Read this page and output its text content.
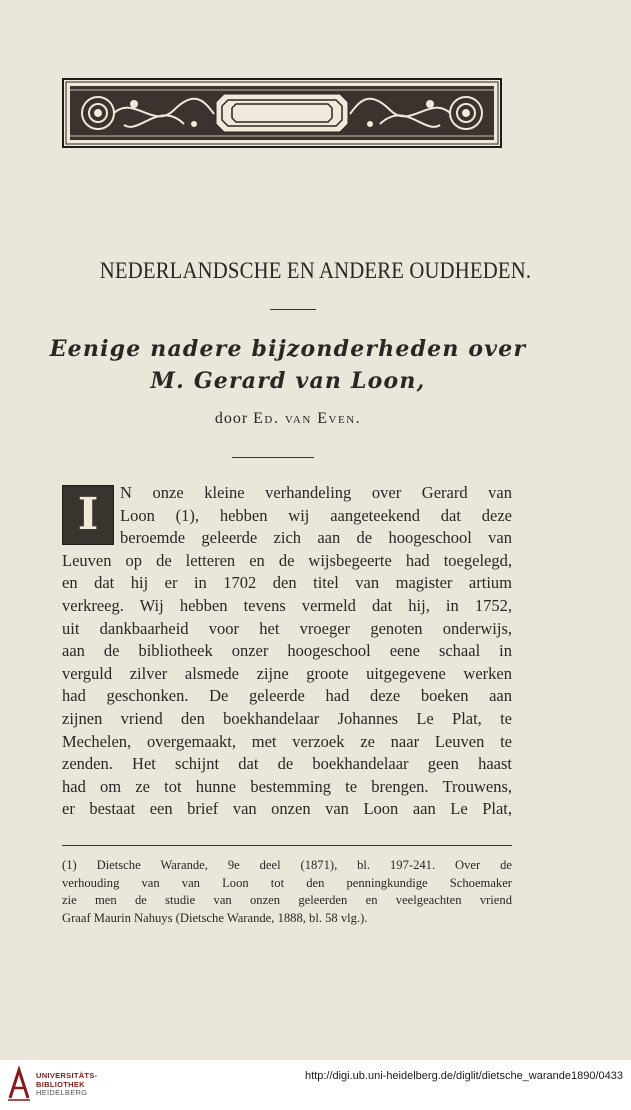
NEDERLANDSCHE EN ANDERE OUDHEDEN.
Eenige nadere bijzonderheden over
M. Gerard van Loon,
door Ed. van Even.
I	N onze kleine verhandeling over Gerard van
Loon (1), hebben wij aangeteekend dat deze
beroemde geleerde zich aan de hoogeschool van
Leuven op de letteren en de wijsbegeerte had toegelegd,
en dat hij er in 1702 den titel van magister artium
verkreeg. Wij hebben tevens vermeld dat hij, in 1752,
uit dankbaarheid voor het vroeger genoten onderwijs,
aan de bibliotheek onzer hoogeschool eene schaal in
verguld zilver alsmede zijne groote uitgegevene werken
had geschonken. De geleerde had deze boeken aan
zijnen vriend den boekhandelaar Johannes Le Plat, te
Mechelen, overgemaakt, met verzoek ze naar Leuven te
zenden. Het schijnt dat de boekhandelaar geen haast
had om ze tot hunne bestemming te brengen. Trouwens,
er bestaat een brief van onzen van Loon aan Le Plat,
(1) Dietsche Warande, 9e deel (1871), bl. 197-241. Over de
verhouding van van Loon tot den penningkundige Schoemaker
zie men de studie van onzen geleerden en veelgeachten vriend
Graaf Maurin Nahuys (Dietsche Warande, 1888, bl. 58 vlg.).
UNIVERSITÄTS-
BIBLIOTHEK
HEIDELBERG
http://digi.ub.uni-heidelberg.de/diglit/dietsche_warande1890/0433
